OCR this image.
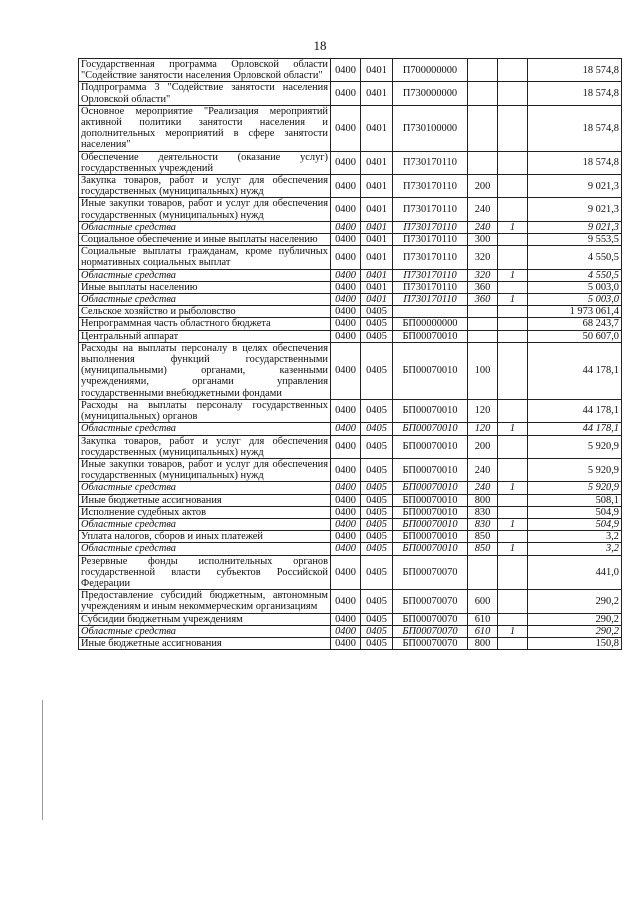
18
Государственная программа Орловской области "Содействие занятости населения Орловской области"	0400	0401	П700000000			18 574,8
Подпрограмма 3 "Содействие занятости населения Орловской области"	0400	0401	П730000000			18 574,8
Основное мероприятие "Реализация мероприятий активной политики занятости населения и дополнительных мероприятий в сфере занятости населения"	0400	0401	П730100000			18 574,8
Обеспечение деятельности (оказание услуг) государственных учреждений	0400	0401	П730170110			18 574,8
Закупка товаров, работ и услуг для обеспечения государственных (муниципальных) нужд	0400	0401	П730170110	200		9 021,3
Иные закупки товаров, работ и услуг для обеспечения государственных (муниципальных) нужд	0400	0401	П730170110	240		9 021,3
Областные средства	0400	0401	П730170110	240	1	9 021,3
Социальное обеспечение и иные выплаты населению	0400	0401	П730170110	300		9 553,5
Социальные выплаты гражданам, кроме публичных нормативных социальных выплат	0400	0401	П730170110	320		4 550,5
Областные средства	0400	0401	П730170110	320	1	4 550,5
Иные выплаты населению	0400	0401	П730170110	360		5 003,0
Областные средства	0400	0401	П730170110	360	1	5 003,0
Сельское хозяйство и рыболовство	0400	0405				1 973 061,4
Непрограммная часть областного бюджета	0400	0405	БП00000000			68 243,7
Центральный аппарат	0400	0405	БП00070010			50 607,0
Расходы на выплаты персоналу в целях обеспечения выполнения функций государственными (муниципальными) органами, казенными учреждениями, органами управления государственными внебюджетными фондами	0400	0405	БП00070010	100		44 178,1
Расходы на выплаты персоналу государственных (муниципальных) органов	0400	0405	БП00070010	120		44 178,1
Областные средства	0400	0405	БП00070010	120	1	44 178,1
Закупка товаров, работ и услуг для обеспечения государственных (муниципальных) нужд	0400	0405	БП00070010	200		5 920,9
Иные закупки товаров, работ и услуг для обеспечения государственных (муниципальных) нужд	0400	0405	БП00070010	240		5 920,9
Областные средства	0400	0405	БП00070010	240	1	5 920,9
Иные бюджетные ассигнования	0400	0405	БП00070010	800		508,1
Исполнение судебных актов	0400	0405	БП00070010	830		504,9
Областные средства	0400	0405	БП00070010	830	1	504,9
Уплата налогов, сборов и иных платежей	0400	0405	БП00070010	850		3,2
Областные средства	0400	0405	БП00070010	850	1	3,2
Резервные фонды исполнительных органов государственной власти субъектов Российской Федерации	0400	0405	БП00070070			441,0
Предоставление субсидий бюджетным, автономным учреждениям и иным некоммерческим организациям	0400	0405	БП00070070	600		290,2
Субсидии бюджетным учреждениям	0400	0405	БП00070070	610		290,2
Областные средства	0400	0405	БП00070070	610	1	290,2
Иные бюджетные ассигнования	0400	0405	БП00070070	800		150,8
